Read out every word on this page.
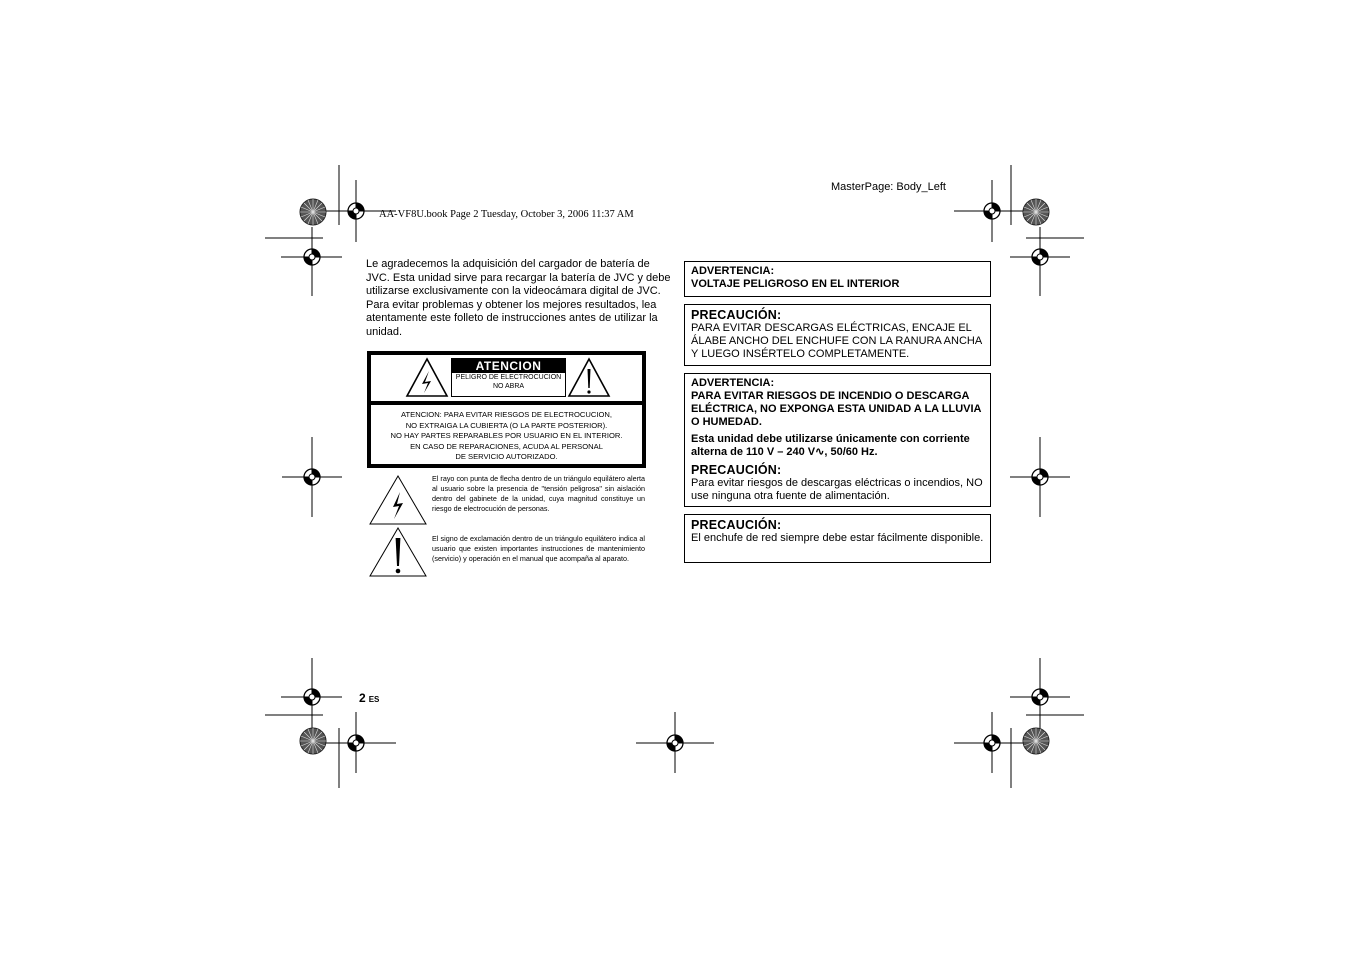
MasterPage: Body_Left
AA-VF8U.book Page 2 Tuesday, October 3, 2006 11:37 AM

Le agradecemos la adquisición del cargador de batería de JVC. Esta unidad sirve para recargar la batería de JVC y debe utilizarse exclusivamente con la videocámara digital de JVC. Para evitar problemas y obtener los mejores resultados, lea atentamente este folleto de instrucciones antes de utilizar la unidad.

ATENCION
PELIGRO DE ELECTROCUCION
NO ABRA
ATENCION: PARA EVITAR RIESGOS DE ELECTROCUCION,
NO EXTRAIGA LA CUBIERTA (O LA PARTE POSTERIOR).
NO HAY PARTES REPARABLES POR USUARIO EN EL INTERIOR.
EN CASO DE REPARACIONES, ACUDA AL PERSONAL
DE SERVICIO AUTORIZADO.

El rayo con punta de flecha dentro de un triángulo equilátero alerta al usuario sobre la presencia de "tensión peligrosa" sin aislación dentro del gabinete de la unidad, cuya magnitud constituye un riesgo de electrocución de personas.

El signo de exclamación dentro de un triángulo equilátero indica al usuario que existen importantes instrucciones de mantenimiento (servicio) y operación en el manual que acompaña al aparato.

ADVERTENCIA:
VOLTAJE PELIGROSO EN EL INTERIOR
PRECAUCIÓN:
PARA EVITAR DESCARGAS ELÉCTRICAS, ENCAJE EL ÁLABE ANCHO DEL ENCHUFE CON LA RANURA ANCHA Y LUEGO INSÉRTELO COMPLETAMENTE.
ADVERTENCIA:
PARA EVITAR RIESGOS DE INCENDIO O DESCARGA ELÉCTRICA, NO EXPONGA ESTA UNIDAD A LA LLUVIA O HUMEDAD.
Esta unidad debe utilizarse únicamente con corriente alterna de 110 V – 240 V∿, 50/60 Hz.
PRECAUCIÓN:
Para evitar riesgos de descargas eléctricas o incendios, NO use ninguna otra fuente de alimentación.
PRECAUCIÓN:
El enchufe de red siempre debe estar fácilmente disponible.
2 ES
